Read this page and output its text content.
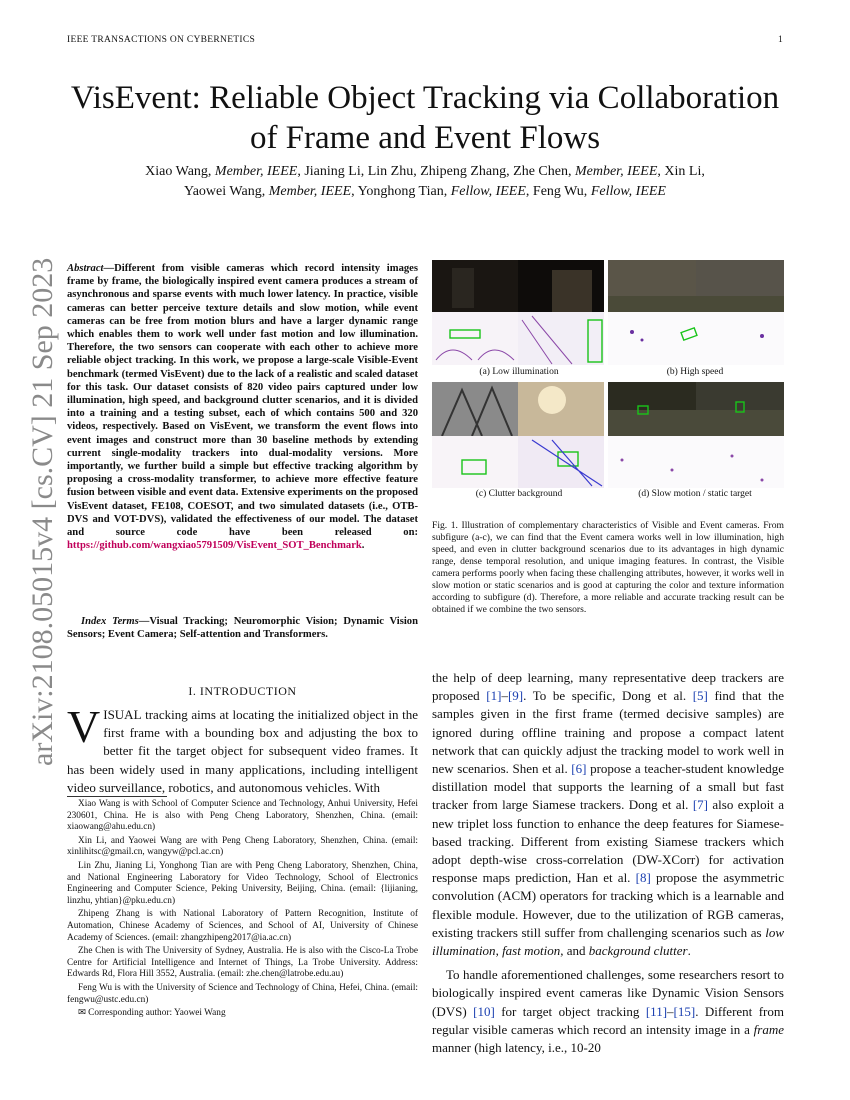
IEEE TRANSACTIONS ON CYBERNETICS	1
arXiv:2108.05015v4 [cs.CV] 21 Sep 2023
VisEvent: Reliable Object Tracking via Collaboration of Frame and Event Flows
Xiao Wang, Member, IEEE, Jianing Li, Lin Zhu, Zhipeng Zhang, Zhe Chen, Member, IEEE, Xin Li,
Yaowei Wang, Member, IEEE, Yonghong Tian, Fellow, IEEE, Feng Wu, Fellow, IEEE
Abstract—Different from visible cameras which record intensity images frame by frame, the biologically inspired event camera produces a stream of asynchronous and sparse events with much lower latency. In practice, visible cameras can better perceive texture details and slow motion, while event cameras can be free from motion blurs and have a larger dynamic range which enables them to work well under fast motion and low illumination. Therefore, the two sensors can cooperate with each other to achieve more reliable object tracking. In this work, we propose a large-scale Visible-Event benchmark (termed VisEvent) due to the lack of a realistic and scaled dataset for this task. Our dataset consists of 820 video pairs captured under low illumination, high speed, and background clutter scenarios, and it is divided into a training and a testing subset, each of which contains 500 and 320 videos, respectively. Based on VisEvent, we transform the event flows into event images and construct more than 30 baseline methods by extending current single-modality trackers into dual-modality versions. More importantly, we further build a simple but effective tracking algorithm by proposing a cross-modality transformer, to achieve more effective feature fusion between visible and event data. Extensive experiments on the proposed VisEvent dataset, FE108, COESOT, and two simulated datasets (i.e., OTB-DVS and VOT-DVS), validated the effectiveness of our model. The dataset and source code have been released on: https://github.com/wangxiao5791509/VisEvent_SOT_Benchmark.
Index Terms—Visual Tracking; Neuromorphic Vision; Dynamic Vision Sensors; Event Camera; Self-attention and Transformers.
I. INTRODUCTION
VISUAL tracking aims at locating the initialized object in the first frame with a bounding box and adjusting the box to better fit the target object for subsequent video frames. It has been widely used in many applications, including intelligent video surveillance, robotics, and autonomous vehicles. With

Xiao Wang is with School of Computer Science and Technology, Anhui University, Hefei 230601, China. He is also with Peng Cheng Laboratory, Shenzhen, China. (email: xiaowang@ahu.edu.cn)

Xin Li, and Yaowei Wang are with Peng Cheng Laboratory, Shenzhen, China. (email: xinlihitsc@gmail.cn, wangyw@pcl.ac.cn)

Lin Zhu, Jianing Li, Yonghong Tian are with Peng Cheng Laboratory, Shenzhen, China, and National Engineering Laboratory for Video Technology, School of Electronics Engineering and Computer Science, Peking University, Beijing, China. (email: {lijianing, linzhu, yhtian}@pku.edu.cn)

Zhipeng Zhang is with National Laboratory of Pattern Recognition, Institute of Automation, Chinese Academy of Sciences, and School of AI, University of Chinese Academy of Sciences. (email: zhangzhipeng2017@ia.ac.cn)

Zhe Chen is with The University of Sydney, Australia. He is also with the Cisco-La Trobe Centre for Artificial Intelligence and Internet of Things, La Trobe University. Address: Edwards Rd, Flora Hill 3552, Australia. (email: zhe.chen@latrobe.edu.au)

Feng Wu is with the University of Science and Technology of China, Hefei, China. (email: fengwu@ustc.edu.cn)

✉ Corresponding author: Yaowei Wang

the help of deep learning, many representative deep trackers are proposed [1]–[9]. To be specific, Dong et al. [5] find that the samples given in the first frame (termed decisive samples) are ignored during offline training and propose a compact latent network that can quickly adjust the tracking model to work well in new scenarios. Shen et al. [6] propose a teacher-student knowledge distillation model that supports the learning of a small but fast tracker from large Siamese trackers. Dong et al. [7] also exploit a new triplet loss function to enhance the deep features for Siamese-based tracking. Different from existing Siamese trackers which adopt depth-wise cross-correlation (DW-XCorr) for activation response maps prediction, Han et al. [8] propose the asymmetric convolution (ACM) operators for tracking which is a learnable and flexible module. However, due to the utilization of RGB cameras, existing trackers still suffer from challenging scenarios such as low illumination, fast motion, and background clutter.

To handle aforementioned challenges, some researchers resort to biologically inspired event cameras like Dynamic Vision Sensors (DVS) [10] for target object tracking [11]–[15]. Different from regular visible cameras which record an intensity image in a frame manner (high latency, i.e., 10-20

(a) Low illumination	(b) High speed
(c) Clutter background	(d) Slow motion / static target
Fig. 1. Illustration of complementary characteristics of Visible and Event cameras. From subfigure (a-c), we can find that the Event camera works well in low illumination, high speed, and even in clutter background scenarios due to its advantages in high dynamic range, dense temporal resolution, and unique imaging features. In contrast, the Visible camera performs poorly when facing these challenging attributes, however, it works well in slow motion or static scenarios and is good at capturing the color and texture information according to subfigure (d). Therefore, a more reliable and accurate tracking result can be obtained if we combine the two sensors.
